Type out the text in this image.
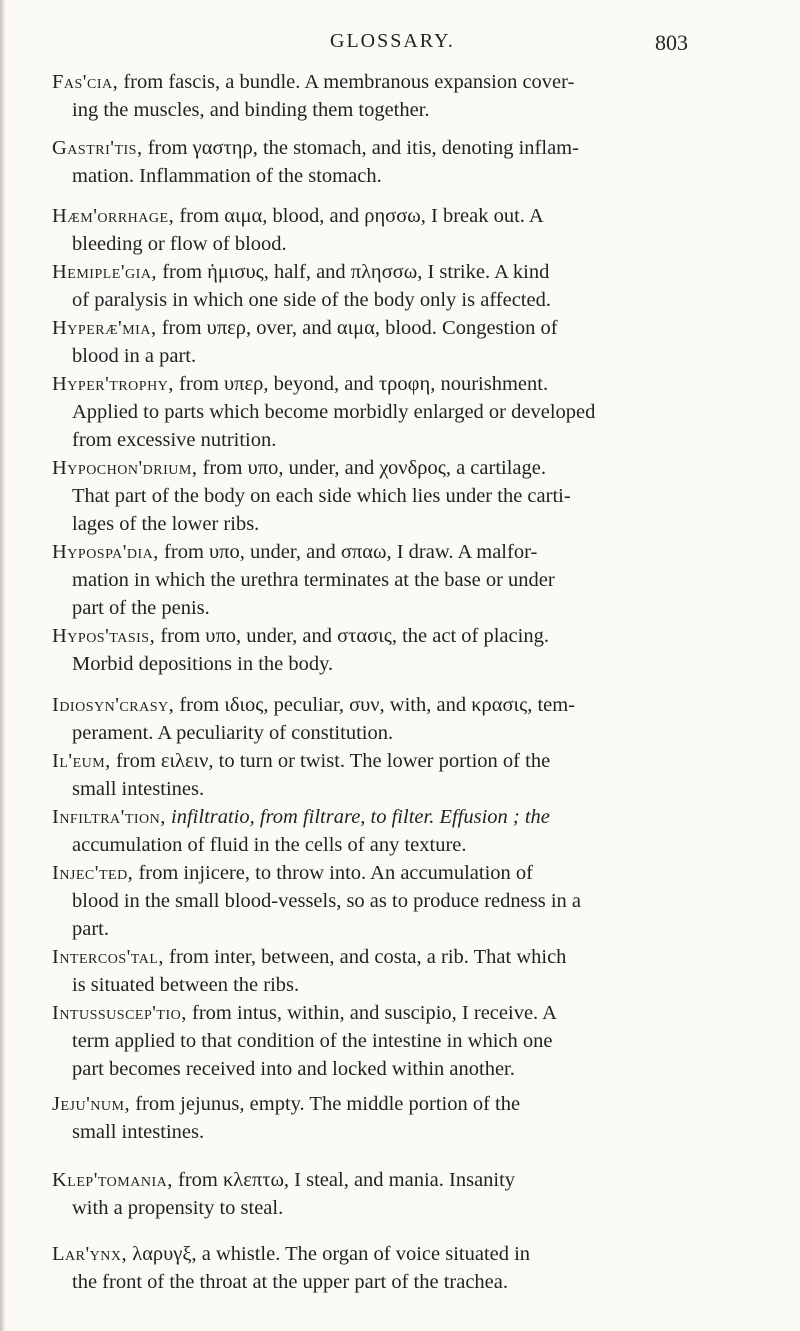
GLOSSARY.	803
Fas'cia, from fascis, a bundle. A membranous expansion cover-
ing the muscles, and binding them together.
Gastri'tis, from γαστηρ, the stomach, and itis, denoting inflam-
mation. Inflammation of the stomach.
Hæm'orrhage, from αιμα, blood, and ρησσω, I break out. A
bleeding or flow of blood.
Hemiple'gia, from ἡμισυς, half, and πλησσω, I strike. A kind
of paralysis in which one side of the body only is affected.
Hyperæ'mia, from υπερ, over, and αιμα, blood. Congestion of
blood in a part.
Hyper'trophy, from υπερ, beyond, and τροφη, nourishment.
Applied to parts which become morbidly enlarged or developed
from excessive nutrition.
Hypochon'drium, from υπο, under, and χονδρος, a cartilage.
That part of the body on each side which lies under the carti-
lages of the lower ribs.
Hypospa'dia, from υπο, under, and σπαω, I draw. A malfor-
mation in which the urethra terminates at the base or under
part of the penis.
Hypos'tasis, from υπο, under, and στασις, the act of placing.
Morbid depositions in the body.
Idiosyn'crasy, from ιδιος, peculiar, συν, with, and κρασις, tem-
perament. A peculiarity of constitution.
Il'eum, from ειλειν, to turn or twist. The lower portion of the
small intestines.
Infiltra'tion, infiltratio, from filtrare, to filter. Effusion ; the
accumulation of fluid in the cells of any texture.
Injec'ted, from injicere, to throw into. An accumulation of
blood in the small blood-vessels, so as to produce redness in a
part.
Intercos'tal, from inter, between, and costa, a rib. That which
is situated between the ribs.
Intussuscep'tio, from intus, within, and suscipio, I receive. A
term applied to that condition of the intestine in which one
part becomes received into and locked within another.
Jeju'num, from jejunus, empty. The middle portion of the
small intestines.
Klep'tomania, from κλεπτω, I steal, and mania. Insanity
with a propensity to steal.
Lar'ynx, λαρυγξ, a whistle. The organ of voice situated in
the front of the throat at the upper part of the trachea.
